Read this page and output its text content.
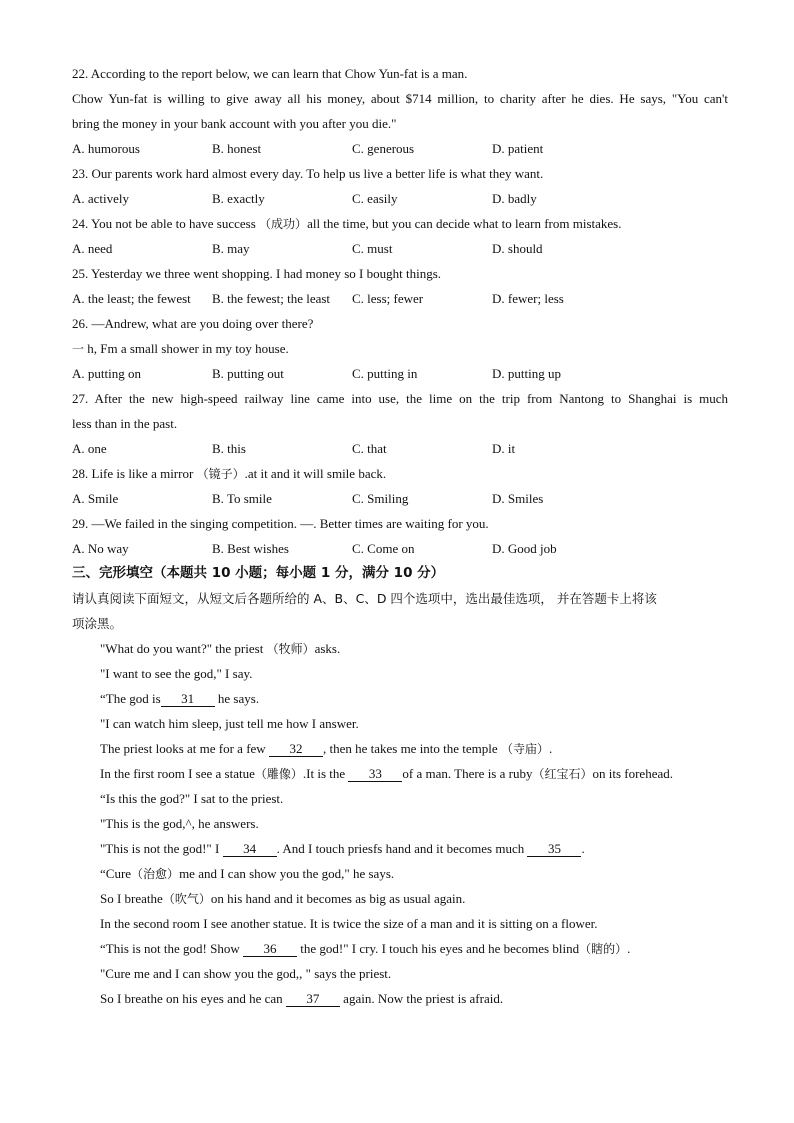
22. According to the report below, we can learn that Chow Yun-fat is a man.
Chow Yun-fat is willing to give away all his money, about $714 million, to charity after he dies. He says, "You can't
bring the money in your bank account with you after you die."
A. humorous	B. honest	C. generous	D. patient
23. Our parents work hard almost every day. To help us live a better life is what they want.
A. actively	B. exactly	C. easily	D. badly
24. You not be able to have success （成功）all the time, but you can decide what to learn from mistakes.
A. need	B. may	C. must	D. should
25. Yesterday we three went shopping. I had money so I bought things.
A. the least; the fewest B. the fewest; the least C. less; fewer	D. fewer; less
26. —Andrew, what are you doing over there?
一 h, Fm a small shower in my toy house.
A. putting on	B. putting out	C. putting in	D. putting up
27. After the new high-speed railway line came into use, the lime on the trip from Nantong to Shanghai is much
less than in the past.
A. one	B. this	C. that	D. it
28. Life is like a mirror （镜子）.at it and it will smile back.
A. Smile	B. To smile	C. Smiling	D. Smiles
29. —We failed in the singing competition. —. Better times are waiting for you.
A. No way	B. Best wishes	C. Come on	D. Good job
三、完形填空（本题共 10 小题；每小题 1 分，满分 10 分）
请认真阅读下面短文，从短文后各题所给的 A、B、C、D 四个选项中，选出最佳选项， 并在答题卡上将该
项涂黑。
"What do you want?" the priest （牧师）asks.
"I want to see the god," I say.
“The god is 31 he says.
"I can watch him sleep, just tell me how I answer.
The priest looks at me for a few 32 , then he takes me into the temple （寺庙）.
In the first room I see a statue（雕像）.It is the 33 of a man. There is a ruby（红宝石）on its forehead.
“Is this the god?" I sat to the priest.
"This is the god,^, he answers.
"This is not the god!" I 34 . And I touch priesfs hand and it becomes much 35 .
“Cure（治愈）me and I can show you the god," he says.
So I breathe（吹气）on his hand and it becomes as big as usual again.
In the second room I see another statue. It is twice the size of a man and it is sitting on a flower.
“This is not the god! Show 36 the god!" I cry. I touch his eyes and he becomes blind（瞎的）.
"Cure me and I can show you the god,, " says the priest.
So I breathe on his eyes and he can 37 again. Now the priest is afraid.
